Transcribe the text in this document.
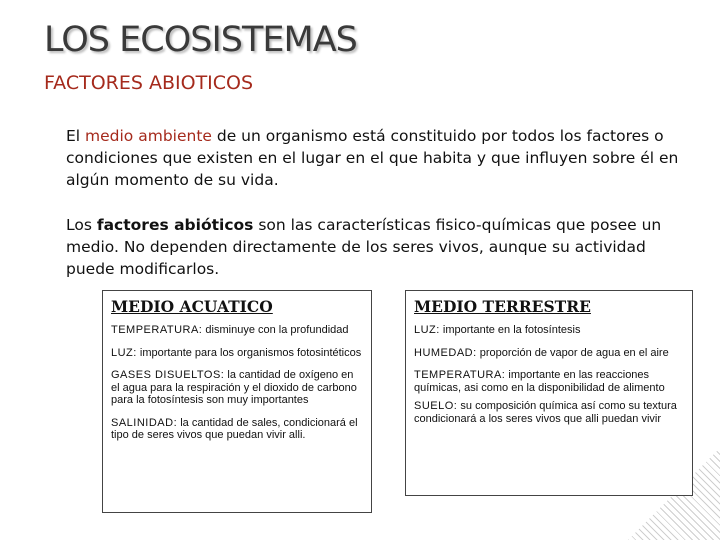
LOS ECOSISTEMAS
FACTORES ABIOTICOS

El medio ambiente de un organismo está constituido por todos los factores o condiciones que existen en el lugar en el que habita y que influyen sobre él en algún momento de su vida.

Los factores abióticos son las características fisico-químicas que posee un medio. No dependen directamente de los seres vivos, aunque su actividad puede modificarlos.

MEDIO ACUATICO
TEMPERATURA: disminuye con la profundidad
LUZ: importante para los organismos fotosintéticos
GASES DISUELTOS: la cantidad de oxígeno en el agua para la respiración y el dioxido de carbono para la fotosíntesis son muy importantes
SALINIDAD: la cantidad de sales, condicionará el tipo de seres vivos que puedan vivir alli.
MEDIO TERRESTRE
LUZ: importante en la fotosíntesis
HUMEDAD: proporción de vapor de agua en el aire
TEMPERATURA: importante en las reacciones químicas, asi como en la disponibilidad de alimento
SUELO: su composición química así como su textura condicionará a los seres vivos que alli puedan vivir
